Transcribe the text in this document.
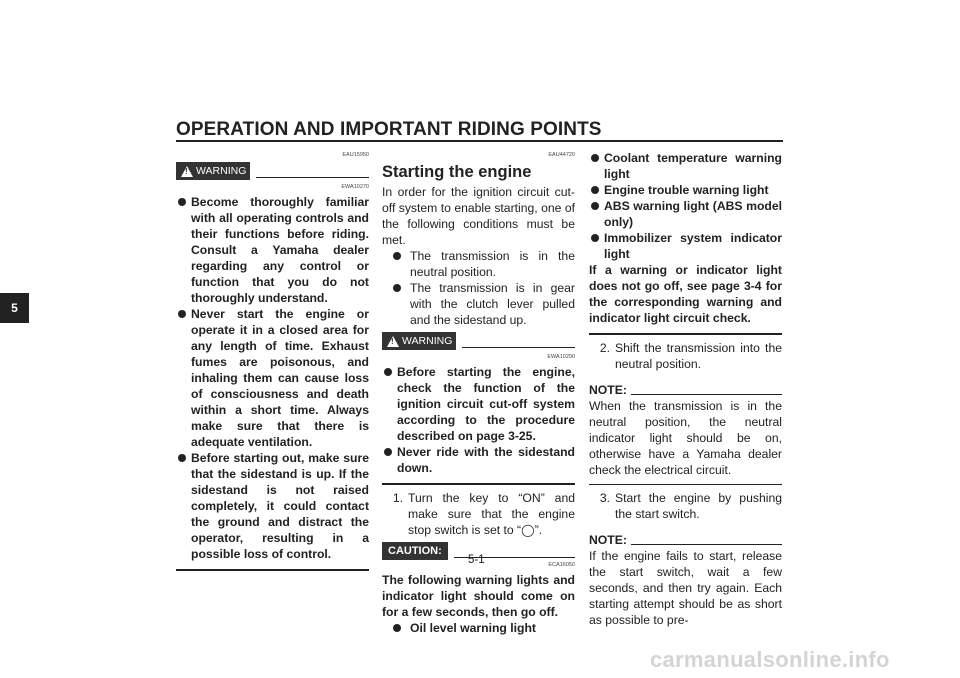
OPERATION AND IMPORTANT RIDING POINTS
5
EAU15950
! WARNING
EWA10270
Become thoroughly familiar with all operating controls and their functions before riding. Consult a Yamaha dealer regarding any control or function that you do not thoroughly understand.
Never start the engine or operate it in a closed area for any length of time. Exhaust fumes are poisonous, and inhaling them can cause loss of consciousness and death within a short time. Always make sure that there is adequate ventilation.
Before starting out, make sure that the sidestand is up. If the sidestand is not raised completely, it could contact the ground and distract the operator, resulting in a possible loss of control.
EAU44720
Starting the engine

In order for the ignition circuit cut-off system to enable starting, one of the following conditions must be met.

The transmission is in the neutral position.
The transmission is in gear with the clutch lever pulled and the sidestand up.
! WARNING
EWA10290
Before starting the engine, check the function of the ignition circuit cut-off system according to the procedure described on page 3-25.
Never ride with the sidestand down.
1. Turn the key to “ON” and make sure that the engine stop switch is set to “◯”.
CAUTION:
ECA16050

The following warning lights and indicator light should come on for a few seconds, then go off.

Oil level warning light
Coolant temperature warning light
Engine trouble warning light
ABS warning light (ABS model only)
Immobilizer system indicator light

If a warning or indicator light does not go off, see page 3-4 for the corresponding warning and indicator light circuit check.

2. Shift the transmission into the neutral position.
NOTE:

When the transmission is in the neutral position, the neutral indicator light should be on, otherwise have a Yamaha dealer check the electrical circuit.

3. Start the engine by pushing the start switch.
NOTE:

If the engine fails to start, release the start switch, wait a few seconds, and then try again. Each starting attempt should be as short as possible to pre-

5-1
carmanualsonline.info
